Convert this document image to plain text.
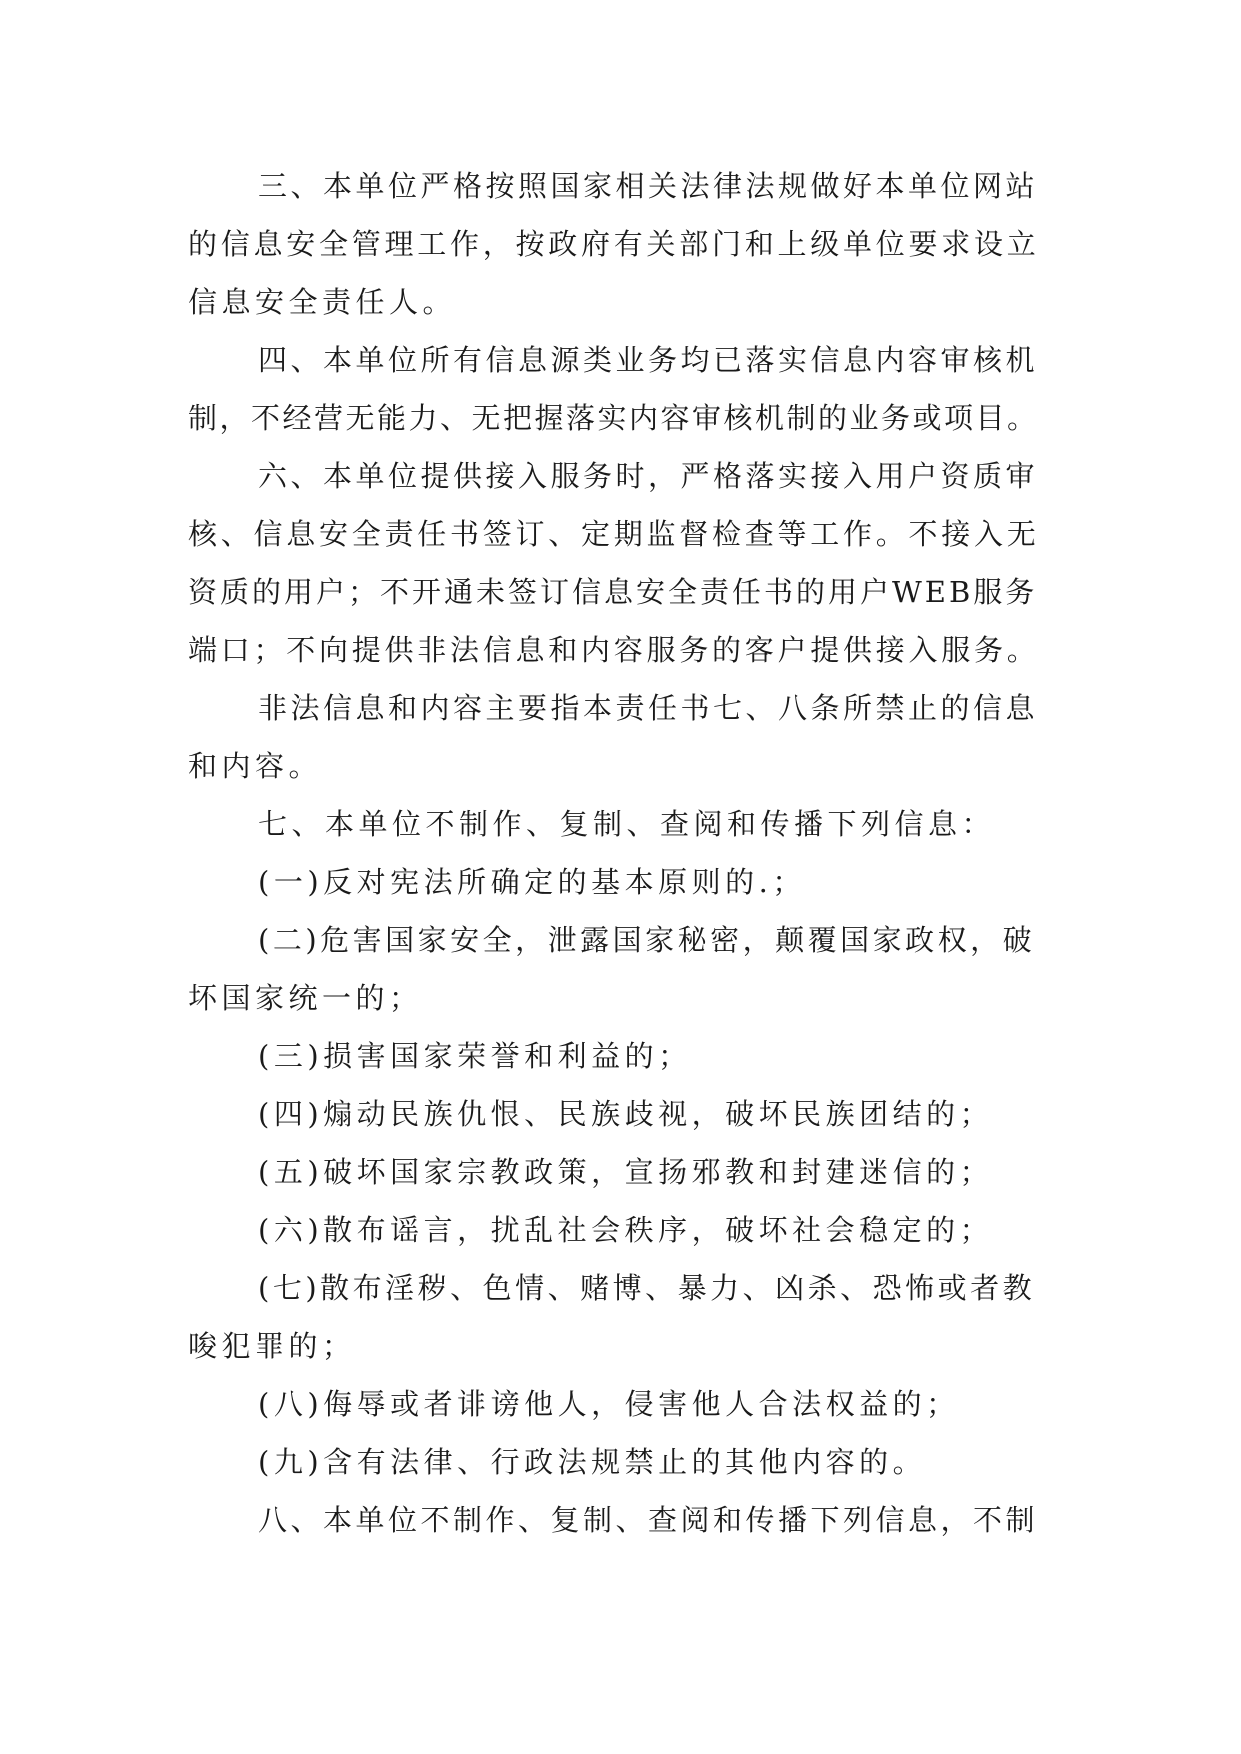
三、本单位严格按照国家相关法律法规做好本单位网站
的信息安全管理工作，按政府有关部门和上级单位要求设立
信息安全责任人。
四、本单位所有信息源类业务均已落实信息内容审核机
制，不经营无能力、无把握落实内容审核机制的业务或项目。
六、本单位提供接入服务时，严格落实接入用户资质审
核、信息安全责任书签订、定期监督检查等工作。不接入无
资质的用户；不开通未签订信息安全责任书的用户WEB服务
端口；不向提供非法信息和内容服务的客户提供接入服务。
非法信息和内容主要指本责任书七、八条所禁止的信息
和内容。
七、本单位不制作、复制、查阅和传播下列信息：
(一)反对宪法所确定的基本原则的.；
(二)危害国家安全，泄露国家秘密，颠覆国家政权，破
坏国家统一的；
(三)损害国家荣誉和利益的；
(四)煽动民族仇恨、民族歧视，破坏民族团结的；
(五)破坏国家宗教政策，宣扬邪教和封建迷信的；
(六)散布谣言，扰乱社会秩序，破坏社会稳定的；
(七)散布淫秽、色情、赌博、暴力、凶杀、恐怖或者教
唆犯罪的；
(八)侮辱或者诽谤他人，侵害他人合法权益的；
(九)含有法律、行政法规禁止的其他内容的。
八、本单位不制作、复制、查阅和传播下列信息，不制
